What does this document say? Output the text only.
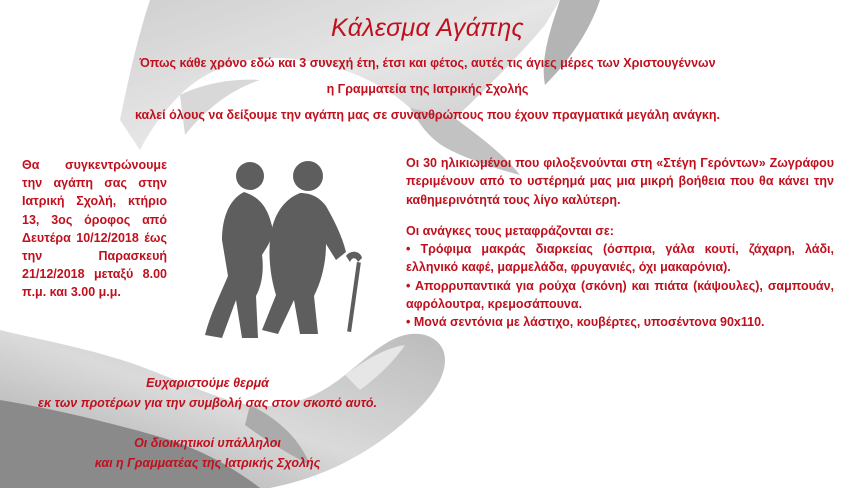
Κάλεσμα Αγάπης
Όπως κάθε χρόνο εδώ και 3 συνεχή έτη, έτσι και φέτος, αυτές τις άγιες μέρες των Χριστουγέννων
η Γραμματεία της Ιατρικής Σχολής
καλεί όλους να δείξουμε την αγάπη μας σε συνανθρώπους που έχουν πραγματικά μεγάλη ανάγκη.
Θα συγκεντρώνουμε την αγάπη σας στην Ιατρική Σχολή, κτήριο 13, 3ος όροφος από Δευτέρα 10/12/2018 έως την Παρασκευή 21/12/2018 μεταξύ 8.00 π.μ. και 3.00 μ.μ.

Οι 30 ηλικιωμένοι που φιλοξενούνται στη «Στέγη Γερόντων» Ζωγράφου περιμένουν από το υστέρημά μας μια μικρή βοήθεια που θα κάνει την καθημερινότητά τους λίγο καλύτερη.

Οι ανάγκες τους μεταφράζονται σε:

• Τρόφιμα μακράς διαρκείας (όσπρια, γάλα κουτί, ζάχαρη, λάδι, ελληνικό καφέ, μαρμελάδα, φρυγανιές, όχι μακαρόνια).

• Απορρυπαντικά για ρούχα (σκόνη) και πιάτα (κάψουλες), σαμπουάν, αφρόλουτρα, κρεμοσάπουνα.

• Μονά σεντόνια με λάστιχο, κουβέρτες, υποσέντονα 90x110.

Ευχαριστούμε θερμά
εκ των προτέρων για την συμβολή σας στον σκοπό αυτό.
Οι διοικητικοί υπάλληλοι
και η Γραμματέας της Ιατρικής Σχολής
